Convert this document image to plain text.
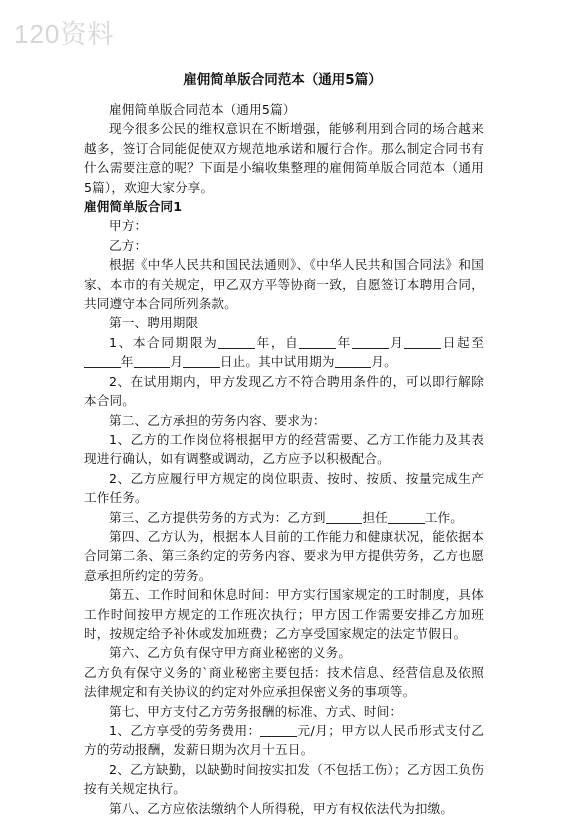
120资料
雇佣简单版合同范本（通用5篇）

雇佣简单版合同范本（通用5篇）

现今很多公民的维权意识在不断增强，能够利用到合同的场合越来越多，签订合同能促使双方规范地承诺和履行合作。那么制定合同书有什么需要注意的呢？下面是小编收集整理的雇佣简单版合同范本（通用5篇），欢迎大家分享。

雇佣简单版合同1

甲方：

乙方：

根据《中华人民共和国民法通则》、《中华人民共和国合同法》和国家、本市的有关规定，甲乙双方平等协商一致，自愿签订本聘用合同，共同遵守本合同所列条款。

第一、聘用期限

1、本合同期限为	年，自	年	月	日起至年	月	日止。其中试用期为	月。

2、在试用期内，甲方发现乙方不符合聘用条件的，可以即行解除本合同。

第二、乙方承担的劳务内容、要求为：

1、乙方的工作岗位将根据甲方的经营需要、乙方工作能力及其表现进行确认，如有调整或调动，乙方应予以积极配合。

2、乙方应履行甲方规定的岗位职责、按时、按质、按量完成生产工作任务。

第三、乙方提供劳务的方式为：乙方到	担任	工作。

第四、乙方认为，根据本人目前的工作能力和健康状况，能依据本合同第二条、第三条约定的劳务内容、要求为甲方提供劳务，乙方也愿意承担所约定的劳务。

第五、工作时间和休息时间：甲方实行国家规定的工时制度，具体工作时间按甲方规定的工作班次执行；甲方因工作需要安排乙方加班时，按规定给予补休或发加班费；乙方享受国家规定的法定节假日。

第六、乙方负有保守甲方商业秘密的义务。

乙方负有保守义务的`商业秘密主要包括：技术信息、经营信息及依照法律规定和有关协议的约定对外应承担保密义务的事项等。

第七、甲方支付乙方劳务报酬的标准、方式、时间：

1、乙方享受的劳务费用：	元/月；甲方以人民币形式支付乙方的劳动报酬，发薪日期为次月十五日。

2、乙方缺勤，以缺勤时间按实扣发（不包括工伤）；乙方因工负伤按有关规定执行。

第八、乙方应依法缴纳个人所得税，甲方有权依法代为扣缴。
